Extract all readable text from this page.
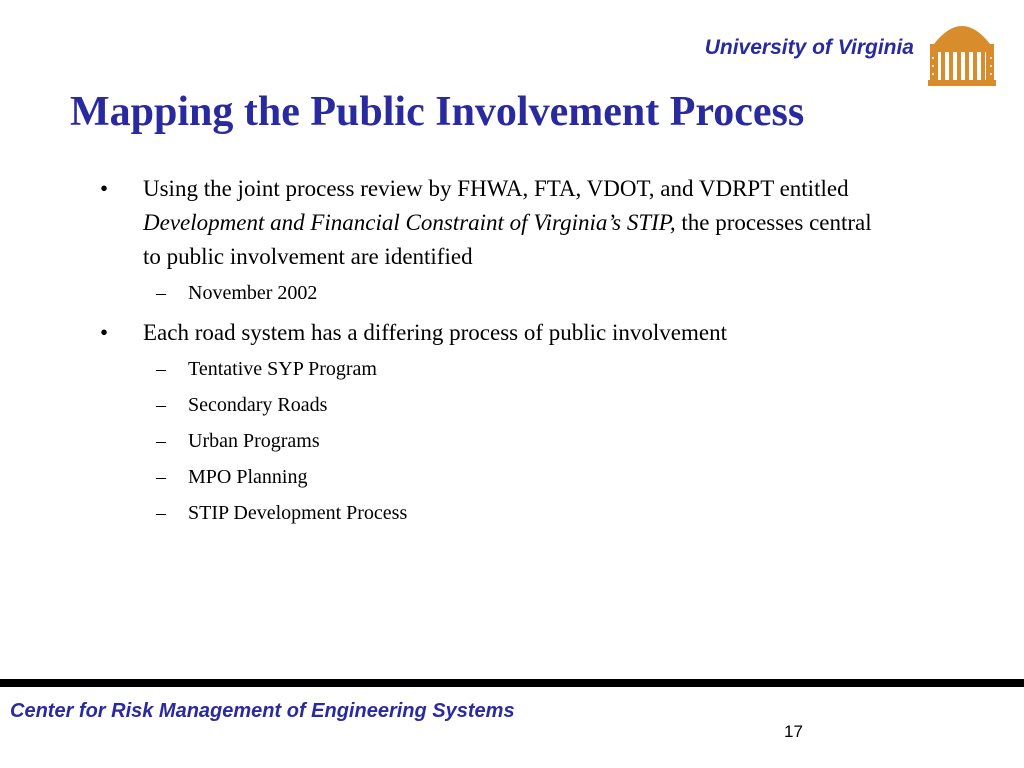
University of Virginia
Mapping the Public Involvement Process
• Using the joint process review by FHWA, FTA, VDOT, and VDRPT entitled Development and Financial Constraint of Virginia’s STIP, the processes central to public involvement are identified
– November 2002
• Each road system has a differing process of public involvement
– Tentative SYP Program
– Secondary Roads
– Urban Programs
– MPO Planning
– STIP Development Process
Center for Risk Management of Engineering Systems
17
